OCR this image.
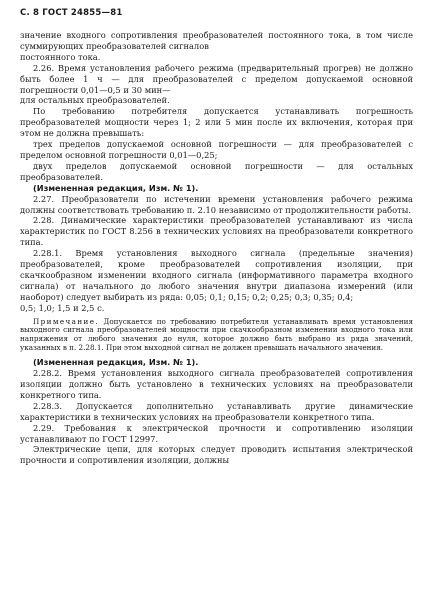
С. 8 ГОСТ 24855—81

значение входного сопротивления преобразователей постоянного тока, в том числе суммирующих преобразователей сигналов
постоянного тока.

2.26. Время установления рабочего режима (предварительный прогрев) не должно быть более 1 ч — для преобразователей с пределом допускаемой основной погрешности 0,01—0,5 и 30 мин—
для остальных преобразователей.

По требованию потребителя допускается устанавливать погрешность преобразователей мощности через 1; 2 или 5 мин после их включения, которая при этом не должна превышать:

трех пределов допускаемой основной погрешности — для преобразователей с пределом основной погрешности 0,01—0,25;

двух пределов допускаемой основной погрешности — для остальных преобразователей.

(Измененная редакция, Изм. № 1).

2.27. Преобразователи по истечении времени установления рабочего режима должны соответствовать требованию п. 2.10 независимо от продолжительности работы.

2.28. Динамические характеристики преобразователей устанавливают из числа характеристик по ГОСТ 8.256 в технических условиях на преобразователи конкретного типа.

2.28.1. Время установления выходного сигнала (предельные значения) преобразователей, кроме преобразователей сопротивления изоляции, при скачкообразном изменении входного сигнала (информативного параметра входного сигнала) от начального до любого значения внутри диапазона измерений (или наоборот) следует выбирать из ряда: 0,05; 0,1; 0,15; 0,2; 0,25; 0,3; 0,35; 0,4;
0,5; 1,0; 1,5 и 2,5 с.

Примечание. Допускается по требованию потребителя устанавливать время установления выходного сигнала преобразователей мощности при скачкообразном изменении входного тока или напряжения от любого значения до нуля, которое должно быть выбрано из ряда значений, указанных в п. 2.28.1. При этом выходной сигнал не должен превышать начального значения.

(Измененная редакция, Изм. № 1).

2.28.2. Время установления выходного сигнала преобразователей сопротивления изоляции должно быть установлено в технических условиях на преобразователи конкретного типа.

2.28.3. Допускается дополнительно устанавливать другие динамические характеристики в технических условиях на преобразователи конкретного типа.

2.29. Требования к электрической прочности и сопротивлению изоляции устанавливают по ГОСТ 12997.

Электрические цепи, для которых следует проводить испытания электрической прочности и сопротивления изоляции, должны
